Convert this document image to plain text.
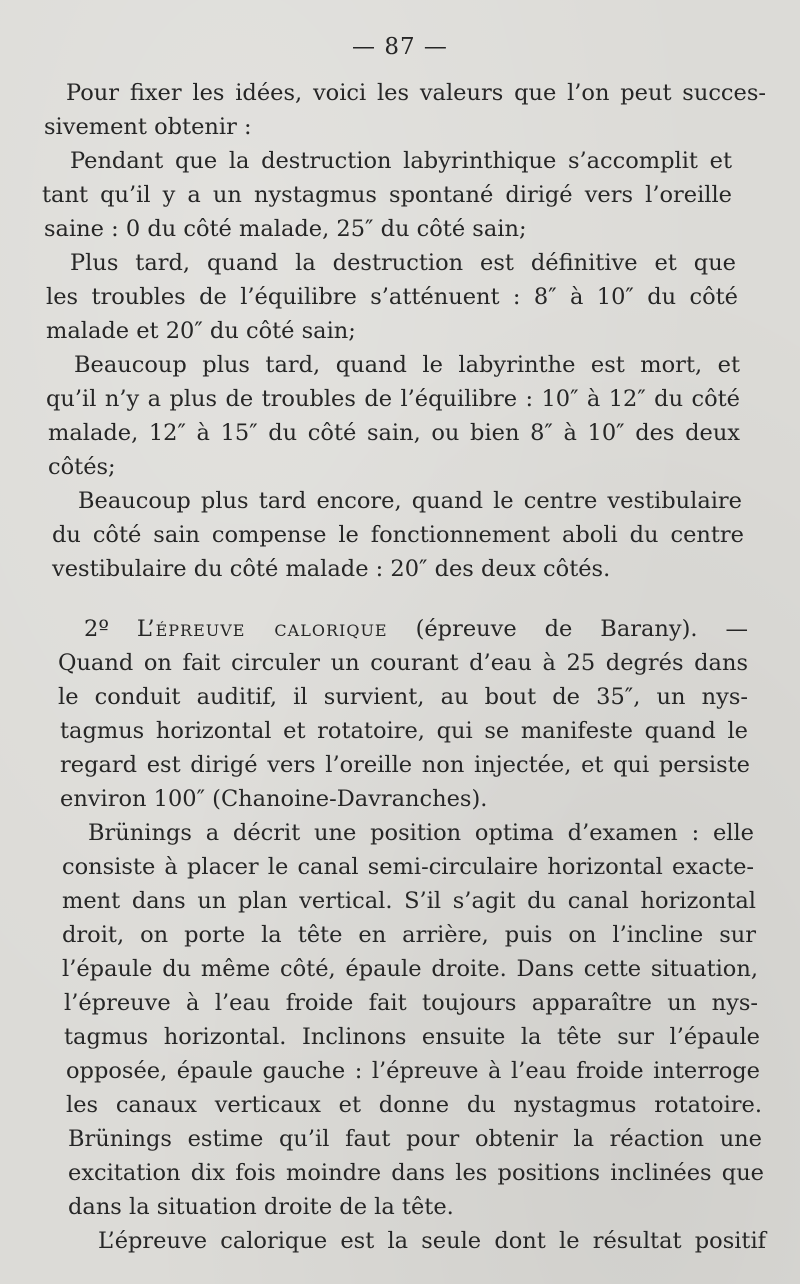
— 87 —
Pour fixer les idées, voici les valeurs que l’on peut succes-
sivement obtenir :
Pendant que la destruction labyrinthique s’accomplit et
tant qu’il y a un nystagmus spontané dirigé vers l’oreille
saine : 0 du côté malade, 25″ du côté sain;
Plus tard, quand la destruction est définitive et que
les troubles de l’équilibre s’atténuent : 8″ à 10″ du côté
malade et 20″ du côté sain;
Beaucoup plus tard, quand le labyrinthe est mort, et
qu’il n’y a plus de troubles de l’équilibre : 10″ à 12″ du côté
malade, 12″ à 15″ du côté sain, ou bien 8″ à 10″ des deux
côtés;
Beaucoup plus tard encore, quand le centre vestibulaire
du côté sain compense le fonctionnement aboli du centre
vestibulaire du côté malade : 20″ des deux côtés.
2º L’épreuve calorique (épreuve de Barany). —
Quand on fait circuler un courant d’eau à 25 degrés dans
le conduit auditif, il survient, au bout de 35″, un nys-
tagmus horizontal et rotatoire, qui se manifeste quand le
regard est dirigé vers l’oreille non injectée, et qui persiste
environ 100″ (Chanoine-Davranches).
Brünings a décrit une position optima d’examen : elle
consiste à placer le canal semi-circulaire horizontal exacte-
ment dans un plan vertical. S’il s’agit du canal horizontal
droit, on porte la tête en arrière, puis on l’incline sur
l’épaule du même côté, épaule droite. Dans cette situation,
l’épreuve à l’eau froide fait toujours apparaître un nys-
tagmus horizontal. Inclinons ensuite la tête sur l’épaule
opposée, épaule gauche : l’épreuve à l’eau froide interroge
les canaux verticaux et donne du nystagmus rotatoire.
Brünings estime qu’il faut pour obtenir la réaction une
excitation dix fois moindre dans les positions inclinées que
dans la situation droite de la tête.
L’épreuve calorique est la seule dont le résultat positif
